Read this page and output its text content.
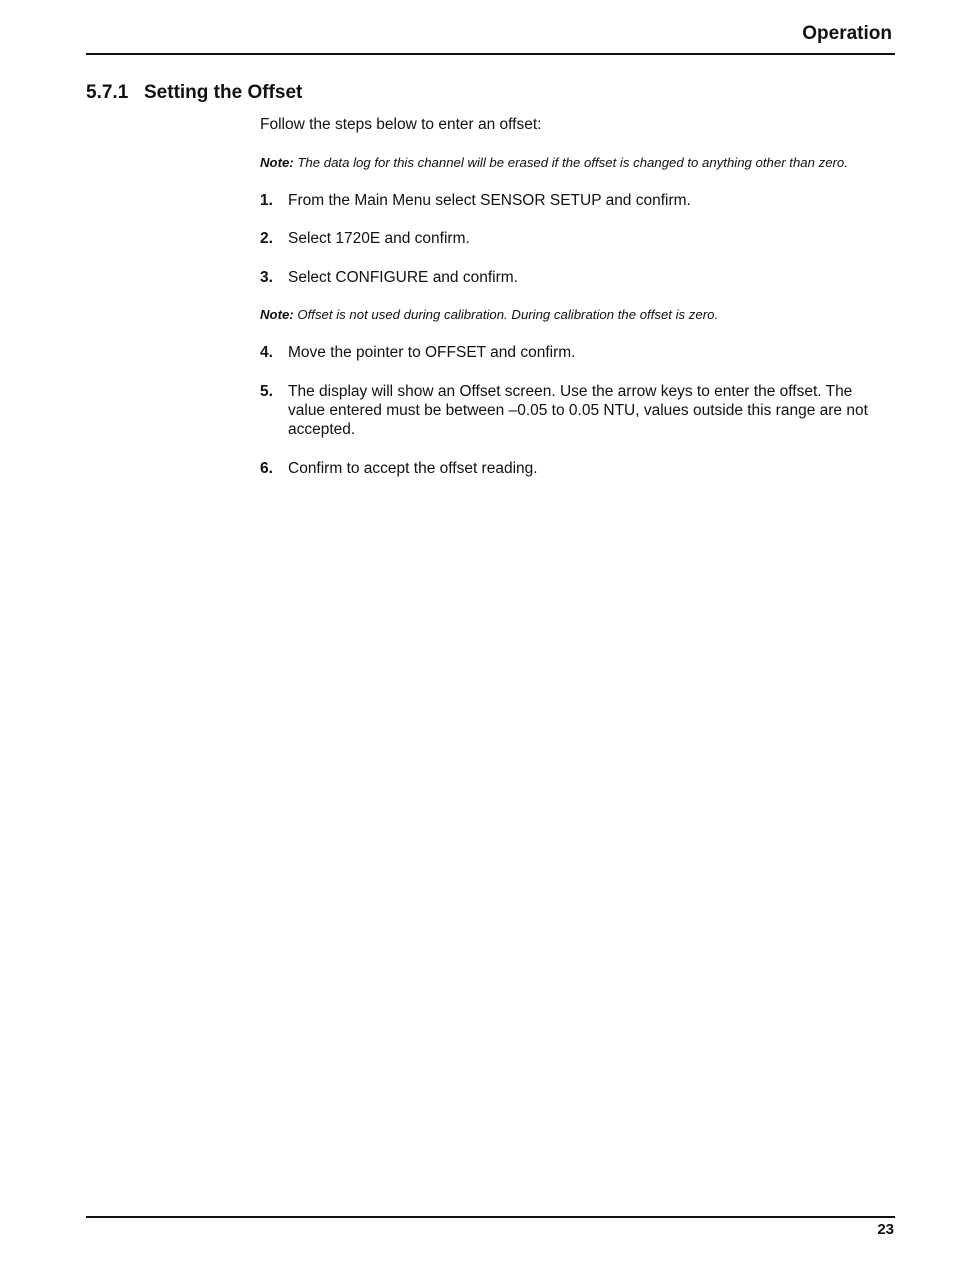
Operation
5.7.1 Setting the Offset
Follow the steps below to enter an offset:
Note: The data log for this channel will be erased if the offset is changed to anything other than zero.
1. From the Main Menu select SENSOR SETUP and confirm.
2. Select 1720E and confirm.
3. Select CONFIGURE and confirm.
Note: Offset is not used during calibration. During calibration the offset is zero.
4. Move the pointer to OFFSET and confirm.
5. The display will show an Offset screen. Use the arrow keys to enter the offset. The value entered must be between –0.05 to 0.05 NTU, values outside this range are not accepted.
6. Confirm to accept the offset reading.
23
